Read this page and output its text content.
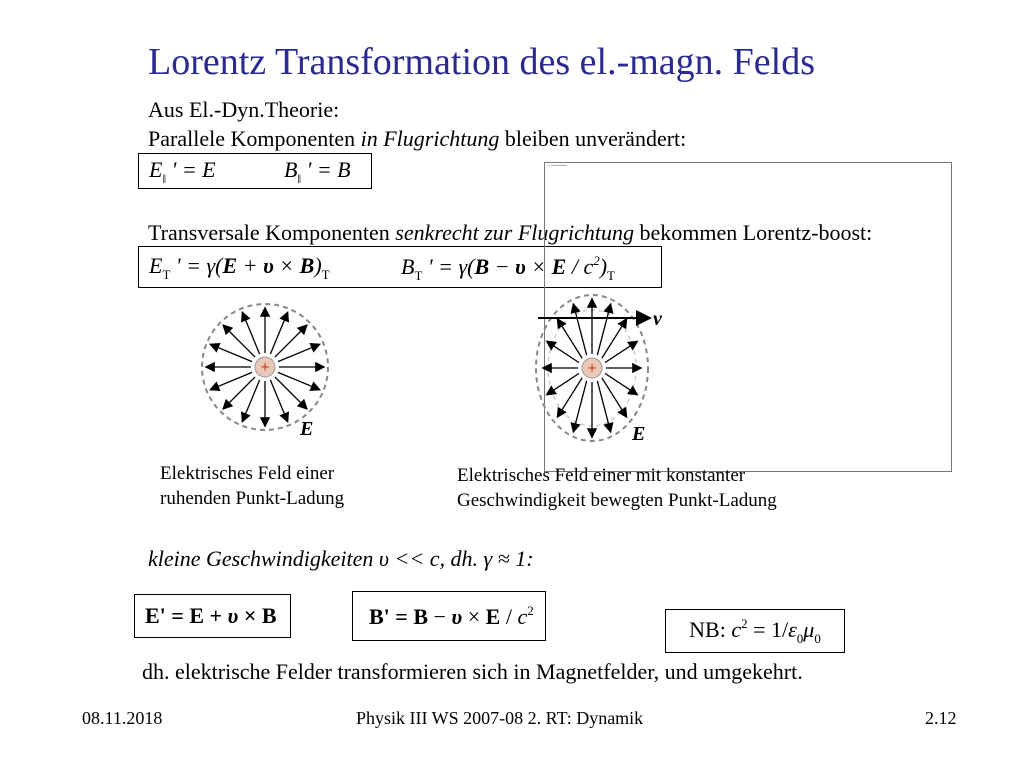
Lorentz Transformation des el.-magn. Felds
Aus El.-Dyn.Theorie:
Parallele Komponenten in Flugrichtung bleiben unverändert:
$E_‖$ ' = E	$B_‖$ ' = B
Transversale Komponenten senkrecht zur Flugrichtung bekommen Lorentz-boost:
$E_T$ ' = $\gamma(E + \upsilon \times B)_T$	$B_T$ ' = $\gamma(B - \upsilon \times E / c^2)_T$
▪ ▪▪▪▪▪▪▪▪▪
+
E
v
+
E
Elektrisches Feld einer
ruhenden Punkt-Ladung
Elektrisches Feld einer mit konstanter
Geschwindigkeit bewegten Punkt-Ladung
kleine Geschwindigkeiten υ << c, dh. γ ≈ 1:
E' = E + υ × B	$B' = B - \upsilon \times E / c^2$
NB: $c^2 = 1/\varepsilon_0\mu_0$
dh. elektrische Felder transformieren sich in Magnetfelder, und umgekehrt.
08.11.2018	Physik III WS 2007-08 2. RT: Dynamik	2.12
